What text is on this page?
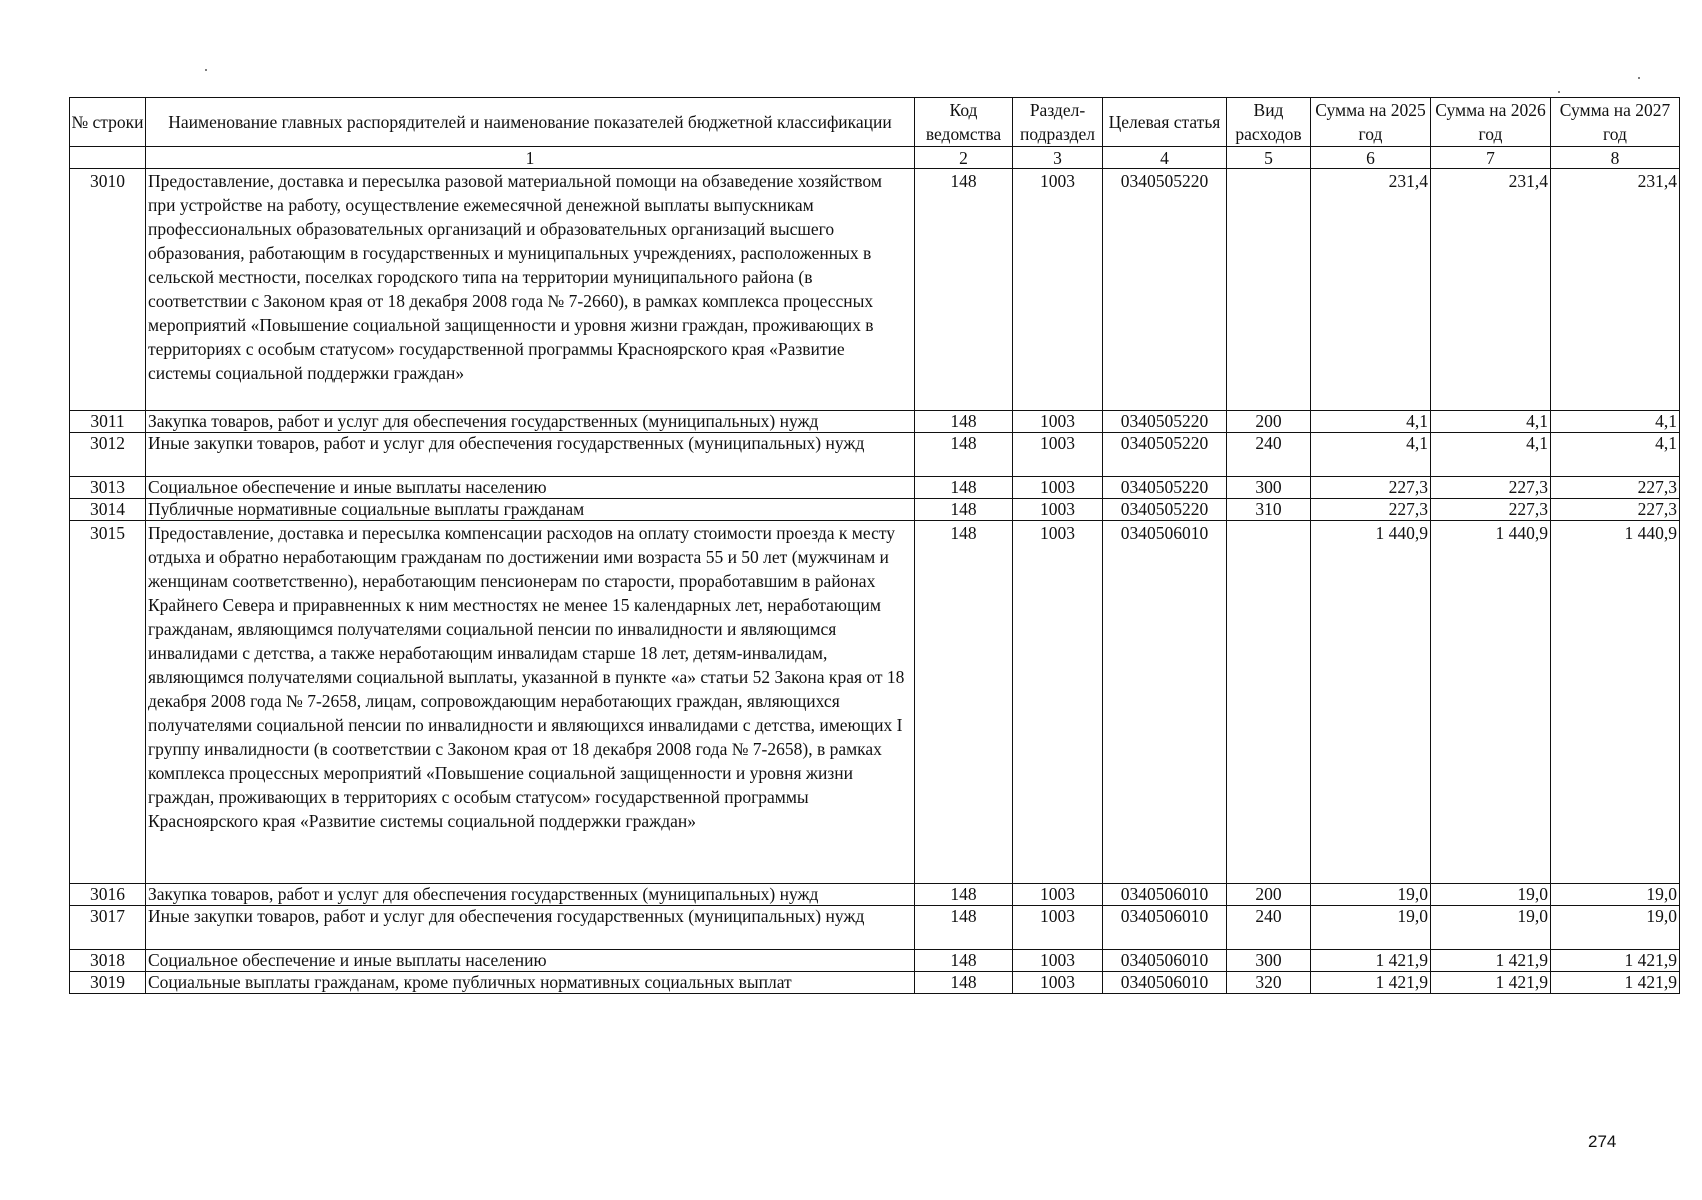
№ строки	Наименование главных распорядителей и наименование показателей бюджетной классификации	Код ведомства	Раздел-подраздел	Целевая статья	Вид расходов	Сумма на 2025 год	Сумма на 2026 год	Сумма на 2027 год
	1	2	3	4	5	6	7	8
3010	Предоставление, доставка и пересылка разовой материальной помощи на обзаведение хозяйством при устройстве на работу, осуществление ежемесячной денежной выплаты выпускникам профессиональных образовательных организаций и образовательных организаций высшего образования, работающим в государственных и муниципальных учреждениях, расположенных в сельской местности, поселках городского типа на территории муниципального района (в соответствии с Законом края от 18 декабря 2008 года № 7-2660), в рамках комплекса процессных мероприятий «Повышение социальной защищенности и уровня жизни граждан, проживающих в территориях с особым статусом» государственной программы Красноярского края «Развитие системы социальной поддержки граждан»	148	1003	0340505220		231,4	231,4	231,4
3011	Закупка товаров, работ и услуг для обеспечения государственных (муниципальных) нужд	148	1003	0340505220	200	4,1	4,1	4,1
3012	Иные закупки товаров, работ и услуг для обеспечения государственных (муниципальных) нужд	148	1003	0340505220	240	4,1	4,1	4,1
3013	Социальное обеспечение и иные выплаты населению	148	1003	0340505220	300	227,3	227,3	227,3
3014	Публичные нормативные социальные выплаты гражданам	148	1003	0340505220	310	227,3	227,3	227,3
3015	Предоставление, доставка и пересылка компенсации расходов на оплату стоимости проезда к месту отдыха и обратно неработающим гражданам по достижении ими возраста 55 и 50 лет (мужчинам и женщинам соответственно), неработающим пенсионерам по старости, проработавшим в районах Крайнего Севера и приравненных к ним местностях не менее 15 календарных лет, неработающим гражданам, являющимся получателями социальной пенсии по инвалидности и являющимся инвалидами с детства, а также неработающим инвалидам старше 18 лет, детям-инвалидам, являющимся получателями социальной выплаты, указанной в пункте «а» статьи 52 Закона края от 18 декабря 2008 года № 7-2658, лицам, сопровождающим неработающих граждан, являющихся получателями социальной пенсии по инвалидности и являющихся инвалидами с детства, имеющих I группу инвалидности (в соответствии с Законом края от 18 декабря 2008 года № 7-2658), в рамках комплекса процессных мероприятий «Повышение социальной защищенности и уровня жизни граждан, проживающих в территориях с особым статусом» государственной программы Красноярского края «Развитие системы социальной поддержки граждан»	148	1003	0340506010		1 440,9	1 440,9	1 440,9
3016	Закупка товаров, работ и услуг для обеспечения государственных (муниципальных) нужд	148	1003	0340506010	200	19,0	19,0	19,0
3017	Иные закупки товаров, работ и услуг для обеспечения государственных (муниципальных) нужд	148	1003	0340506010	240	19,0	19,0	19,0
3018	Социальное обеспечение и иные выплаты населению	148	1003	0340506010	300	1 421,9	1 421,9	1 421,9
3019	Социальные выплаты гражданам, кроме публичных нормативных социальных выплат	148	1003	0340506010	320	1 421,9	1 421,9	1 421,9
274
